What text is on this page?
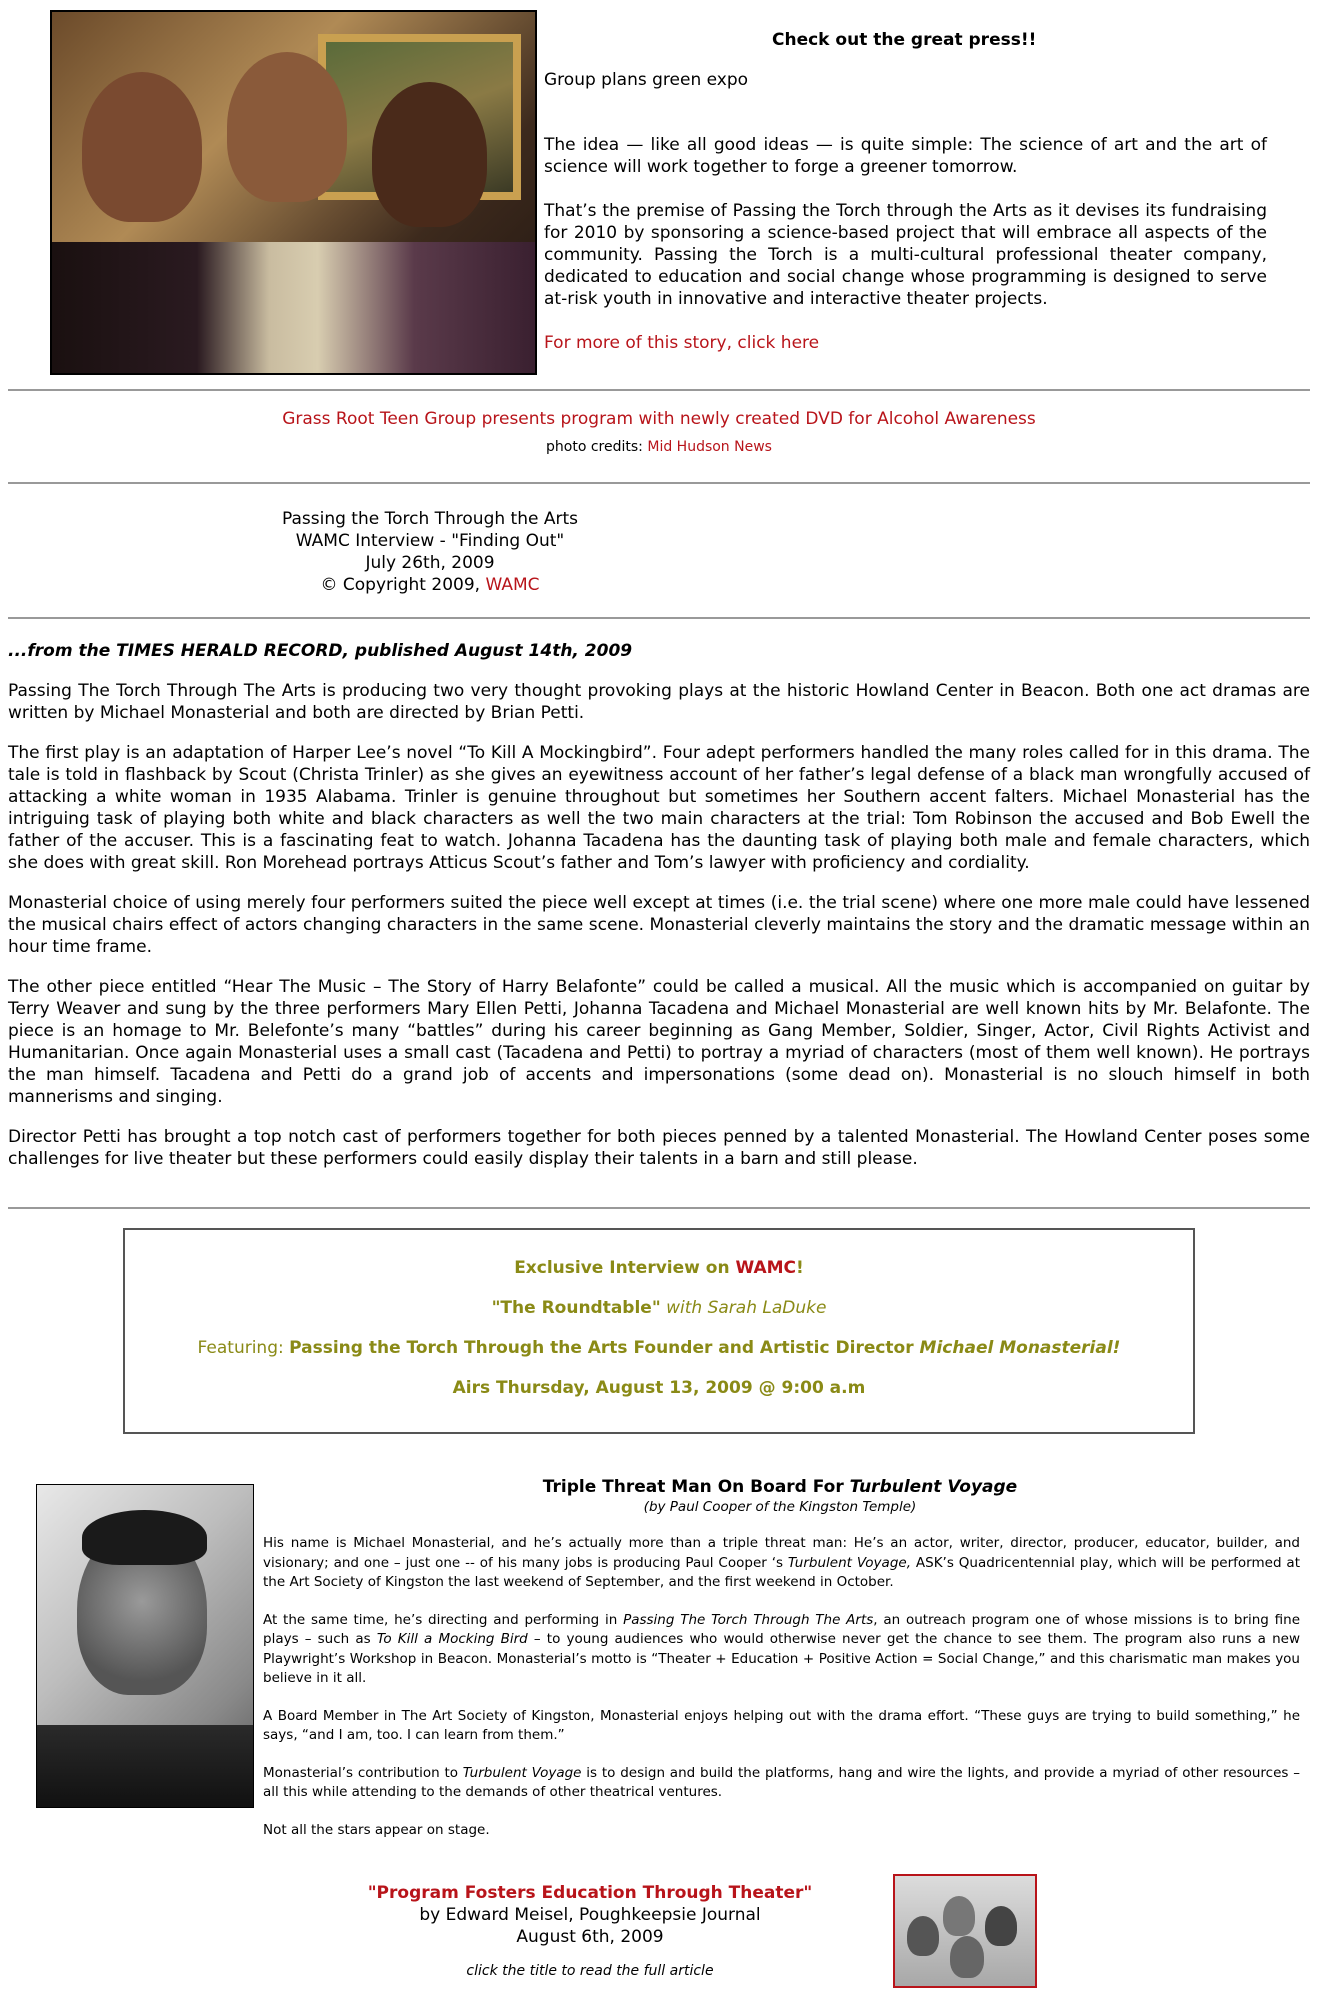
Check out the great press!!
Group plans green expo

The idea — like all good ideas — is quite simple: The science of art and the art of science will work together to forge a greener tomorrow.

That’s the premise of Passing the Torch through the Arts as it devises its fundraising for 2010 by sponsoring a science-based project that will embrace all aspects of the community. Passing the Torch is a multi-cultural professional theater company, dedicated to education and social change whose programming is designed to serve at-risk youth in innovative and interactive theater projects.

For more of this story, click here

Grass Root Teen Group presents program with newly created DVD for Alcohol Awareness
photo credits: Mid Hudson News
Passing the Torch Through the Arts
WAMC Interview - "Finding Out"
July 26th, 2009
© Copyright 2009, WAMC

...from the TIMES HERALD RECORD, published August 14th, 2009

Passing The Torch Through The Arts is producing two very thought provoking plays at the historic Howland Center in Beacon. Both one act dramas are written by Michael Monasterial and both are directed by Brian Petti.

The first play is an adaptation of Harper Lee’s novel “To Kill A Mockingbird”. Four adept performers handled the many roles called for in this drama. The tale is told in flashback by Scout (Christa Trinler) as she gives an eyewitness account of her father’s legal defense of a black man wrongfully accused of attacking a white woman in 1935 Alabama. Trinler is genuine throughout but sometimes her Southern accent falters. Michael Monasterial has the intriguing task of playing both white and black characters as well the two main characters at the trial: Tom Robinson the accused and Bob Ewell the father of the accuser. This is a fascinating feat to watch. Johanna Tacadena has the daunting task of playing both male and female characters, which she does with great skill. Ron Morehead portrays Atticus Scout’s father and Tom’s lawyer with proficiency and cordiality.

Monasterial choice of using merely four performers suited the piece well except at times (i.e. the trial scene) where one more male could have lessened the musical chairs effect of actors changing characters in the same scene. Monasterial cleverly maintains the story and the dramatic message within an hour time frame.

The other piece entitled “Hear The Music – The Story of Harry Belafonte” could be called a musical. All the music which is accompanied on guitar by Terry Weaver and sung by the three performers Mary Ellen Petti, Johanna Tacadena and Michael Monasterial are well known hits by Mr. Belafonte. The piece is an homage to Mr. Belefonte’s many “battles” during his career beginning as Gang Member, Soldier, Singer, Actor, Civil Rights Activist and Humanitarian. Once again Monasterial uses a small cast (Tacadena and Petti) to portray a myriad of characters (most of them well known). He portrays the man himself. Tacadena and Petti do a grand job of accents and impersonations (some dead on). Monasterial is no slouch himself in both mannerisms and singing.

Director Petti has brought a top notch cast of performers together for both pieces penned by a talented Monasterial. The Howland Center poses some challenges for live theater but these performers could easily display their talents in a barn and still please.

Exclusive Interview on WAMC!
"The Roundtable" with Sarah LaDuke
Featuring: Passing the Torch Through the Arts Founder and Artistic Director Michael Monasterial!
Airs Thursday, August 13, 2009 @ 9:00 a.m
Triple Threat Man On Board For Turbulent Voyage
(by Paul Cooper of the Kingston Temple)

His name is Michael Monasterial, and he’s actually more than a triple threat man: He’s an actor, writer, director, producer, educator, builder, and visionary; and one – just one -- of his many jobs is producing Paul Cooper ‘s Turbulent Voyage, ASK’s Quadricentennial play, which will be performed at the Art Society of Kingston the last weekend of September, and the first weekend in October.

At the same time, he’s directing and performing in Passing The Torch Through The Arts, an outreach program one of whose missions is to bring fine plays – such as To Kill a Mocking Bird – to young audiences who would otherwise never get the chance to see them. The program also runs a new Playwright’s Workshop in Beacon. Monasterial’s motto is “Theater + Education + Positive Action = Social Change,” and this charismatic man makes you believe in it all.

A Board Member in The Art Society of Kingston, Monasterial enjoys helping out with the drama effort. “These guys are trying to build something,” he says, “and I am, too. I can learn from them.”

Monasterial’s contribution to Turbulent Voyage is to design and build the platforms, hang and wire the lights, and provide a myriad of other resources – all this while attending to the demands of other theatrical ventures.

Not all the stars appear on stage.

"Program Fosters Education Through Theater"
by Edward Meisel, Poughkeepsie Journal
August 6th, 2009
click the title to read the full article
